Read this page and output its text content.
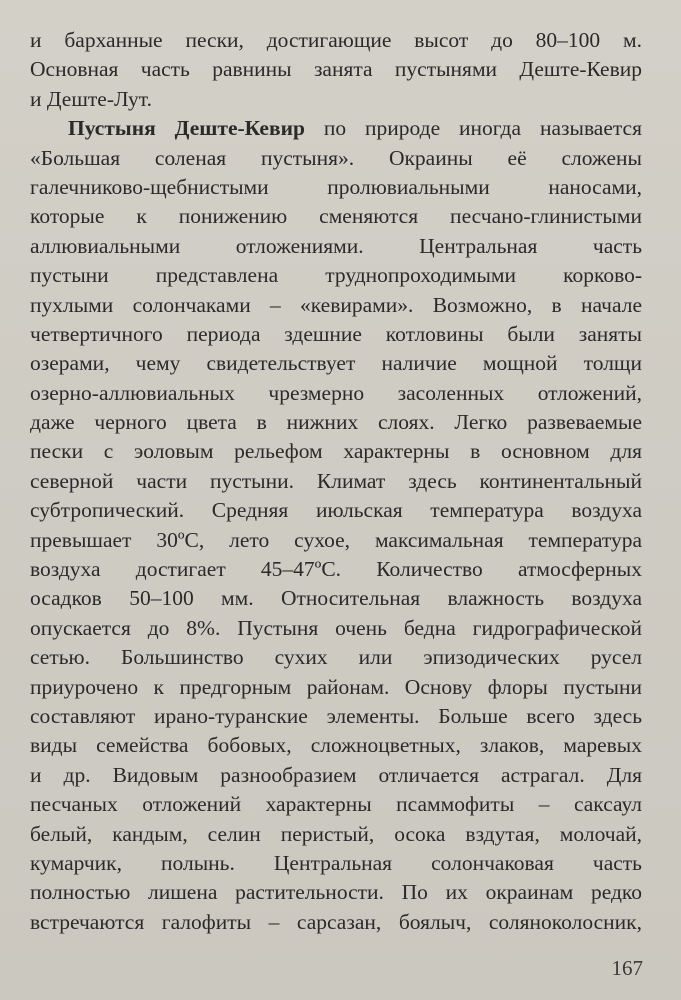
и барханные пески, достигающие высот до 80–100 м.
Основная часть равнины занята пустынями Деште-Кевир
и Деште-Лут.
Пустыня Деште-Кевир по природе иногда называется
«Большая соленая пустыня». Окраины её сложены
галечниково-щебнистыми пролювиальными наносами,
которые к понижению сменяются песчано-глинистыми
аллювиальными отложениями. Центральная часть
пустыни представлена труднопроходимыми корково-
пухлыми солончаками – «кевирами». Возможно, в начале
четвертичного периода здешние котловины были заняты
озерами, чему свидетельствует наличие мощной толщи
озерно-аллювиальных чрезмерно засоленных отложений,
даже черного цвета в нижних слоях. Легко развеваемые
пески с эоловым рельефом характерны в основном для
северной части пустыни. Климат здесь континентальный
субтропический. Средняя июльская температура воздуха
превышает 30ºС, лето сухое, максимальная температура
воздуха достигает 45–47ºС. Количество атмосферных
осадков 50–100 мм. Относительная влажность воздуха
опускается до 8%. Пустыня очень бедна гидрографической
сетью. Большинство сухих или эпизодических русел
приурочено к предгорным районам. Основу флоры пустыни
составляют ирано-туранские элементы. Больше всего здесь
виды семейства бобовых, сложноцветных, злаков, маревых
и др. Видовым разнообразием отличается астрагал. Для
песчаных отложений характерны псаммофиты – саксаул
белый, кандым, селин перистый, осока вздутая, молочай,
кумарчик, полынь. Центральная солончаковая часть
полностью лишена растительности. По их окраинам редко
встречаются галофиты – сарсазан, боялыч, соляноколосник,
167
